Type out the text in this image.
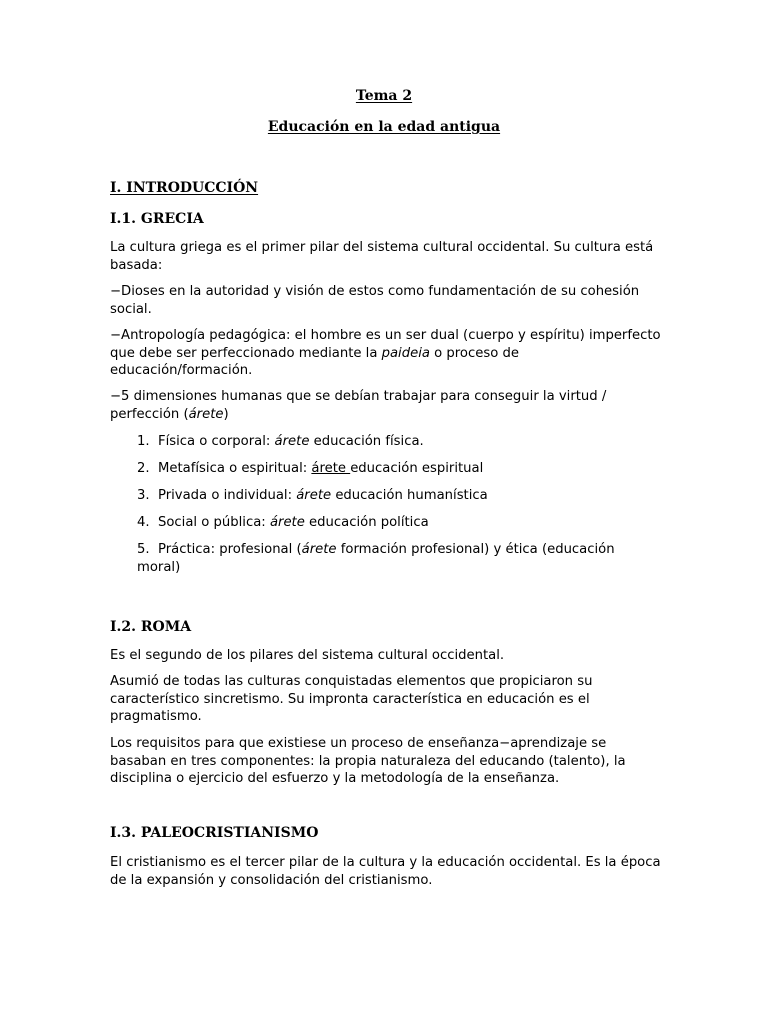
Tema 2
Educación en la edad antigua
I. INTRODUCCIÓN
I.1. GRECIA
La cultura griega es el primer pilar del sistema cultural occidental. Su cultura está basada:
−Dioses en la autoridad y visión de estos como fundamentación de su cohesión social.
−Antropología pedagógica: el hombre es un ser dual (cuerpo y espíritu) imperfecto que debe ser perfeccionado mediante la paideia o proceso de educación/formación.
−5 dimensiones humanas que se debían trabajar para conseguir la virtud / perfección (árete)
1. Física o corporal: árete educación física.
2. Metafísica o espiritual: árete educación espiritual
3. Privada o individual: árete educación humanística
4. Social o pública: árete educación política
5. Práctica: profesional (árete formación profesional) y ética (educación moral)
I.2. ROMA
Es el segundo de los pilares del sistema cultural occidental.
Asumió de todas las culturas conquistadas elementos que propiciaron su característico sincretismo. Su impronta característica en educación es el pragmatismo.
Los requisitos para que existiese un proceso de enseñanza−aprendizaje se basaban en tres componentes: la propia naturaleza del educando (talento), la disciplina o ejercicio del esfuerzo y la metodología de la enseñanza.
I.3. PALEOCRISTIANISMO
El cristianismo es el tercer pilar de la cultura y la educación occidental. Es la época de la expansión y consolidación del cristianismo.
